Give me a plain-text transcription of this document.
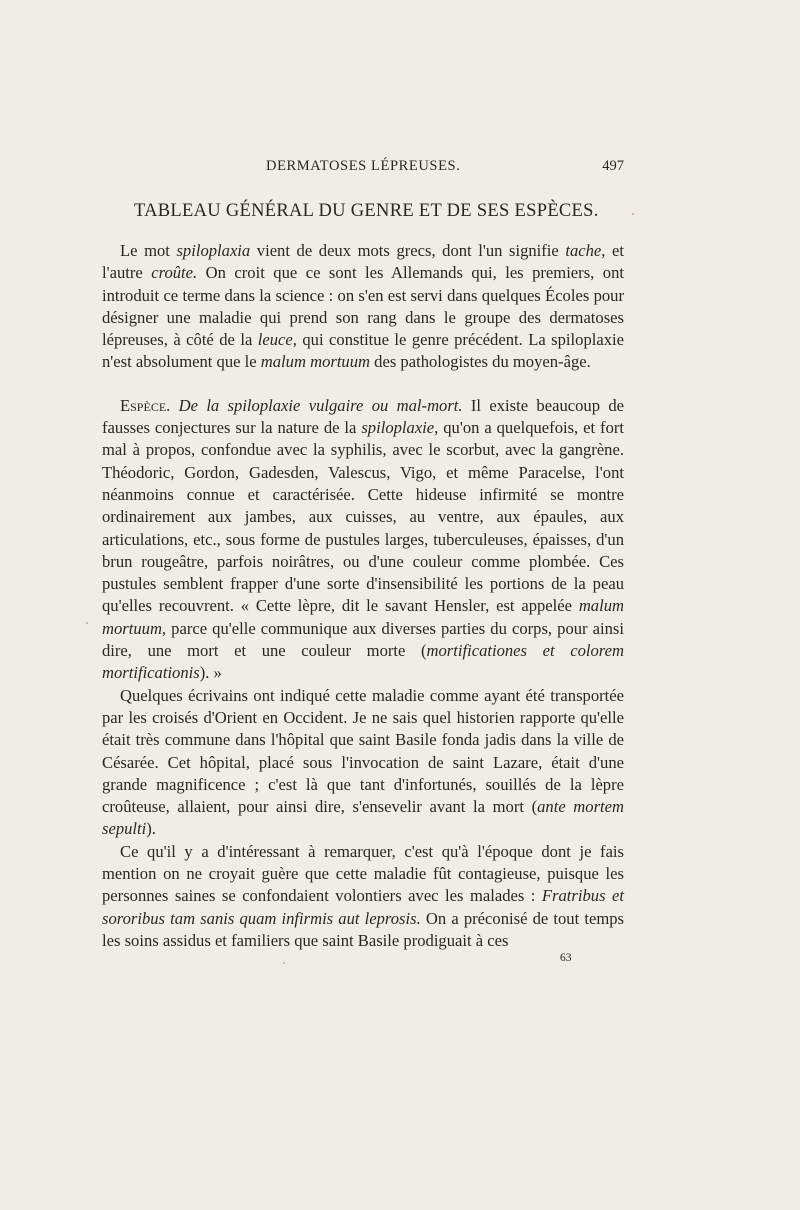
DERMATOSES LÉPREUSES.	497
TABLEAU GÉNÉRAL DU GENRE ET DE SES ESPÈCES.

Le mot spiloplaxia vient de deux mots grecs, dont l'un signifie tache, et l'autre croûte. On croit que ce sont les Allemands qui, les premiers, ont introduit ce terme dans la science : on s'en est servi dans quelques Écoles pour désigner une maladie qui prend son rang dans le groupe des dermatoses lépreuses, à côté de la leuce, qui constitue le genre précédent. La spiloplaxie n'est absolument que le malum mortuum des pathologistes du moyen-âge.

Espèce. De la spiloplaxie vulgaire ou mal-mort. Il existe beaucoup de fausses conjectures sur la nature de la spiloplaxie, qu'on a quelquefois, et fort mal à propos, confondue avec la syphilis, avec le scorbut, avec la gangrène. Théodoric, Gordon, Gadesden, Valescus, Vigo, et même Paracelse, l'ont néanmoins connue et caractérisée. Cette hideuse infirmité se montre ordinairement aux jambes, aux cuisses, au ventre, aux épaules, aux articulations, etc., sous forme de pustules larges, tuberculeuses, épaisses, d'un brun rougeâtre, parfois noirâtres, ou d'une couleur comme plombée. Ces pustules semblent frapper d'une sorte d'insensibilité les portions de la peau qu'elles recouvrent. « Cette lèpre, dit le savant Hensler, est appelée malum mortuum, parce qu'elle communique aux diverses parties du corps, pour ainsi dire, une mort et une couleur morte (mortificationes et colorem mortificationis). »

Quelques écrivains ont indiqué cette maladie comme ayant été transportée par les croisés d'Orient en Occident. Je ne sais quel historien rapporte qu'elle était très commune dans l'hôpital que saint Basile fonda jadis dans la ville de Césarée. Cet hôpital, placé sous l'invocation de saint Lazare, était d'une grande magnificence ; c'est là que tant d'infortunés, souillés de la lèpre croûteuse, allaient, pour ainsi dire, s'ensevelir avant la mort (ante mortem sepulti).

Ce qu'il y a d'intéressant à remarquer, c'est qu'à l'époque dont je fais mention on ne croyait guère que cette maladie fût contagieuse, puisque les personnes saines se confondaient volontiers avec les malades : Fratribus et sororibus tam sanis quam infirmis aut leprosis. On a préconisé de tout temps les soins assidus et familiers que saint Basile prodiguait à ces

63
